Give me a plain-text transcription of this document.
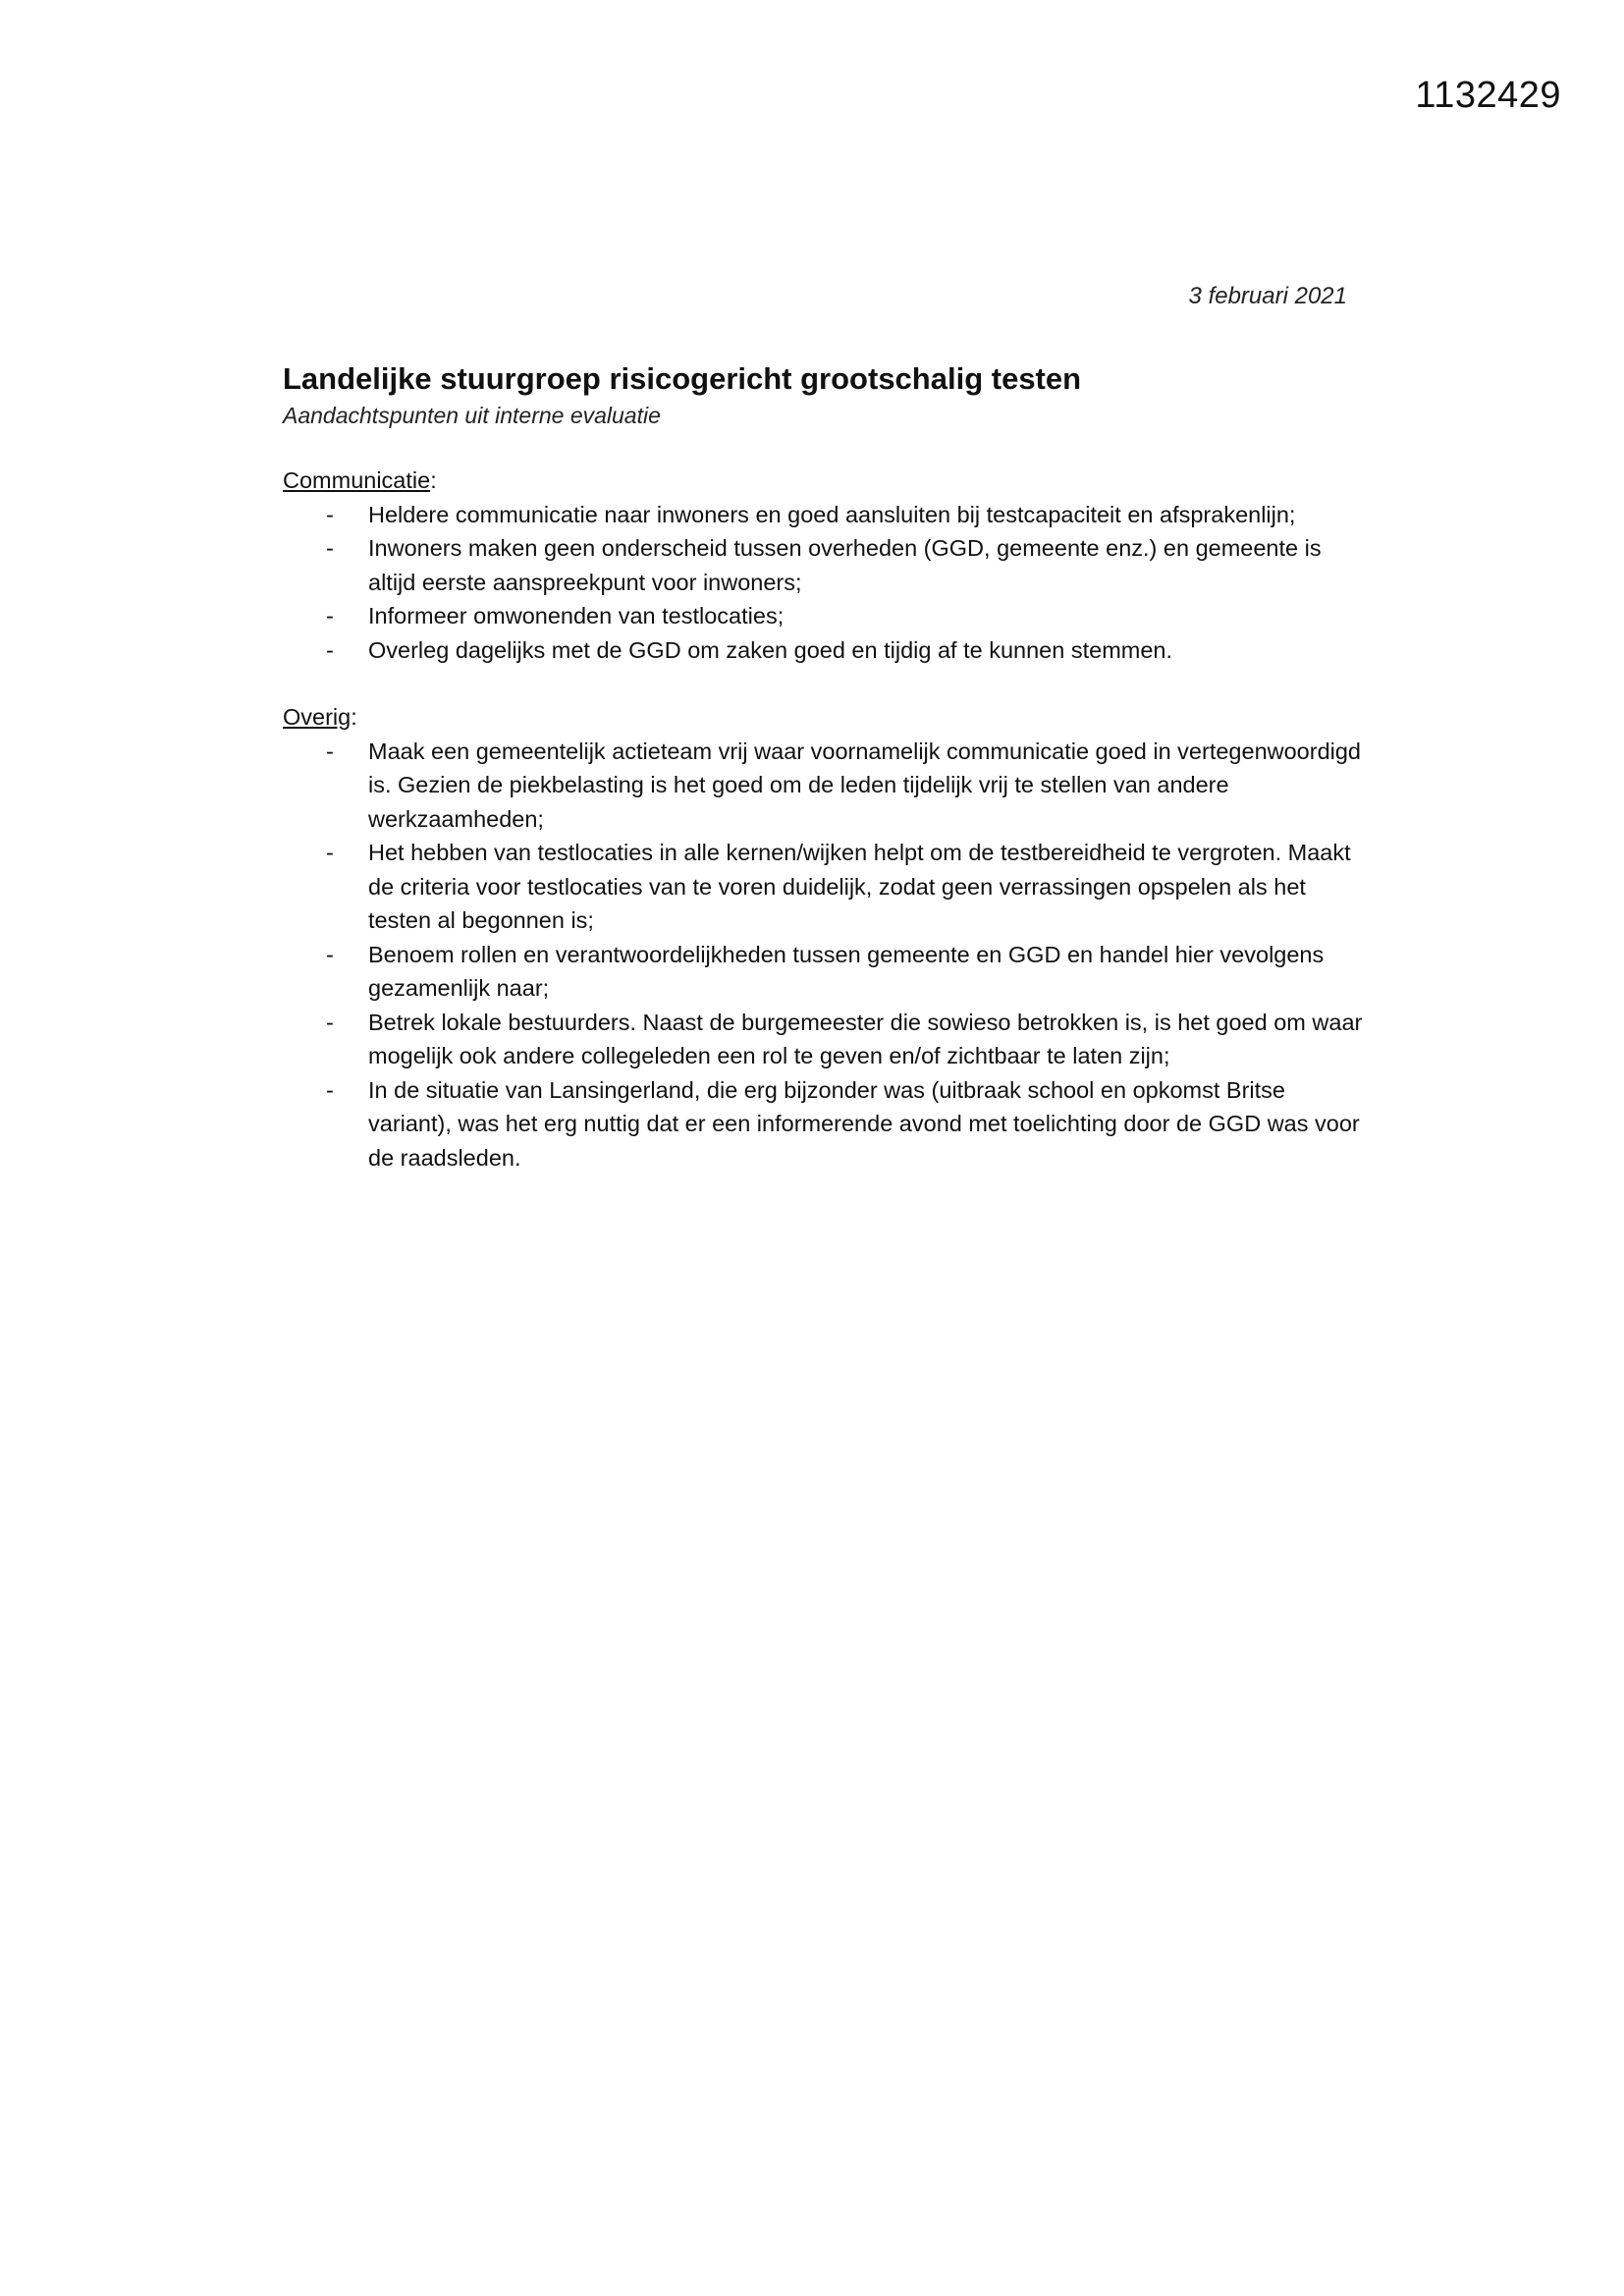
1132429
3 februari 2021
Landelijke stuurgroep risicogericht grootschalig testen

Aandachtspunten uit interne evaluatie

Communicatie:

- Heldere communicatie naar inwoners en goed aansluiten bij testcapaciteit en afsprakenlijn;
- Inwoners maken geen onderscheid tussen overheden (GGD, gemeente enz.) en gemeente is altijd eerste aanspreekpunt voor inwoners;
- Informeer omwonenden van testlocaties;
- Overleg dagelijks met de GGD om zaken goed en tijdig af te kunnen stemmen.

Overig:

- Maak een gemeentelijk actieteam vrij waar voornamelijk communicatie goed in vertegenwoordigd is. Gezien de piekbelasting is het goed om de leden tijdelijk vrij te stellen van andere werkzaamheden;
- Het hebben van testlocaties in alle kernen/wijken helpt om de testbereidheid te vergroten. Maakt de criteria voor testlocaties van te voren duidelijk, zodat geen verrassingen opspelen als het testen al begonnen is;
- Benoem rollen en verantwoordelijkheden tussen gemeente en GGD en handel hier vevolgens gezamenlijk naar;
- Betrek lokale bestuurders. Naast de burgemeester die sowieso betrokken is, is het goed om waar mogelijk ook andere collegeleden een rol te geven en/of zichtbaar te laten zijn;
- In de situatie van Lansingerland, die erg bijzonder was (uitbraak school en opkomst Britse variant), was het erg nuttig dat er een informerende avond met toelichting door de GGD was voor de raadsleden.
